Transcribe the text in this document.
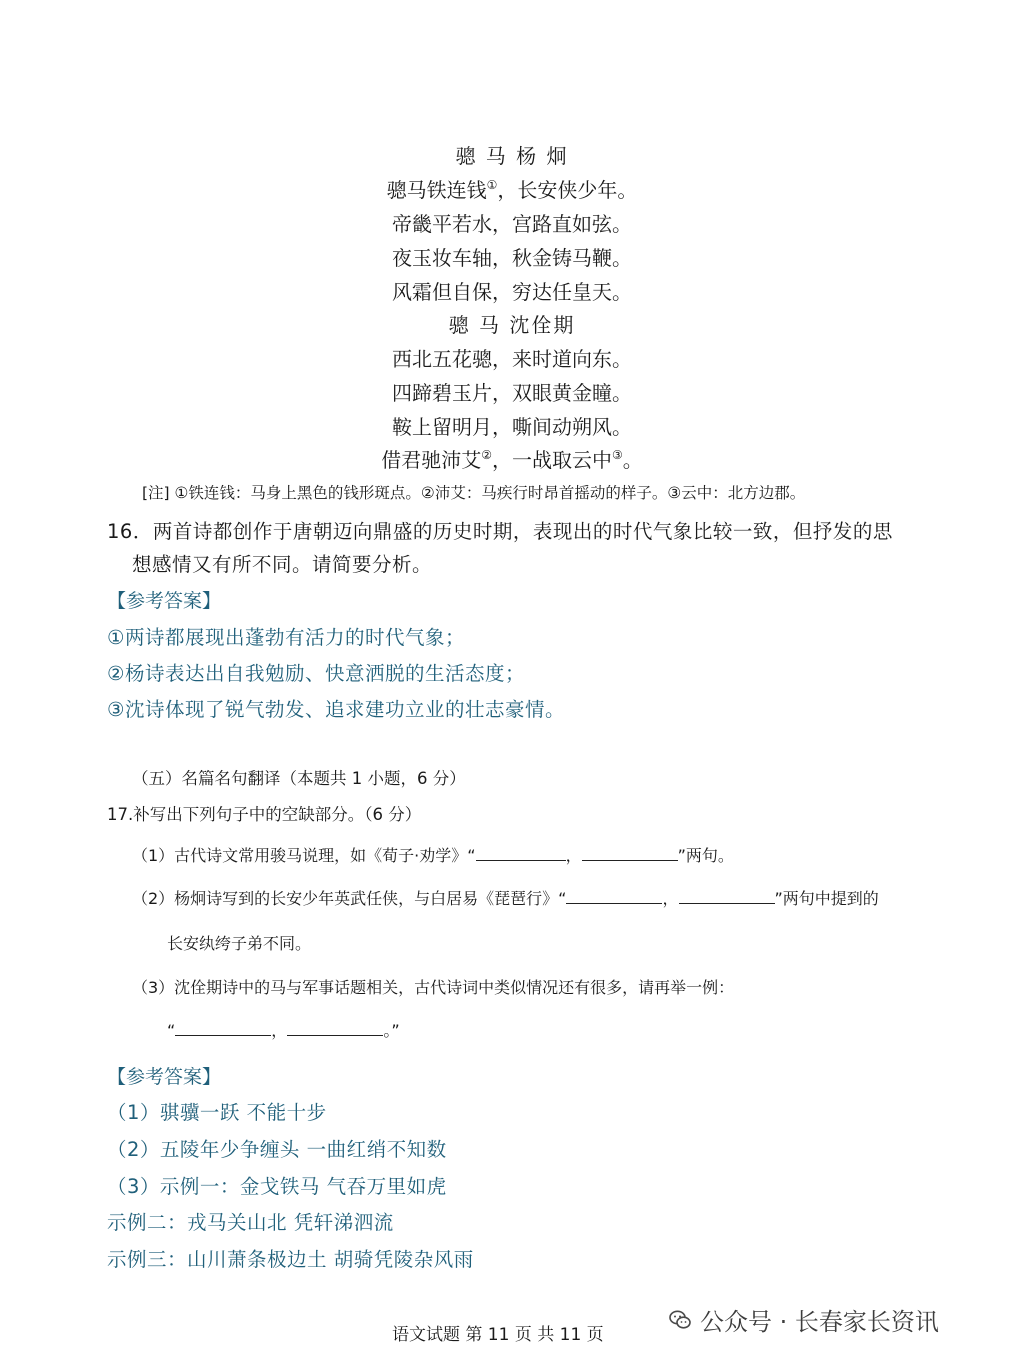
骢 马 杨 炯
骢马铁连钱①，长安侠少年。
帝畿平若水，宫路直如弦。
夜玉妆车轴，秋金铸马鞭。
风霜但自保，穷达任皇天。
骢 马 沈佺期
西北五花骢，来时道向东。
四蹄碧玉片，双眼黄金瞳。
鞍上留明月，嘶间动朔风。
借君驰沛艾②，一战取云中③。
[注] ①铁连钱：马身上黑色的钱形斑点。②沛艾：马疾行时昂首摇动的样子。③云中：北方边郡。
16．两首诗都创作于唐朝迈向鼎盛的历史时期，表现出的时代气象比较一致，但抒发的思
想感情又有所不同。请简要分析。
【参考答案】
①两诗都展现出蓬勃有活力的时代气象；
②杨诗表达出自我勉励、快意洒脱的生活态度；
③沈诗体现了锐气勃发、追求建功立业的壮志豪情。
（五）名篇名句翻译（本题共 1 小题，6 分）
17.补写出下列句子中的空缺部分。（6 分）
（1）古代诗文常用骏马说理，如《荀子·劝学》“	，	”两句。
（2）杨炯诗写到的长安少年英武任侠，与白居易《琵琶行》“	，	”两句中提到的
长安纨绔子弟不同。
（3）沈佺期诗中的马与军事话题相关，古代诗词中类似情况还有很多，请再举一例：
“	，	。”
【参考答案】
（1）骐骥一跃 不能十步
（2）五陵年少争缠头 一曲红绡不知数
（3）示例一：金戈铁马 气吞万里如虎
示例二：戎马关山北 凭轩涕泗流
示例三：山川萧条极边土 胡骑凭陵杂风雨
语文试题 第 11 页 共 11 页	公众号 · 长春家长资讯
